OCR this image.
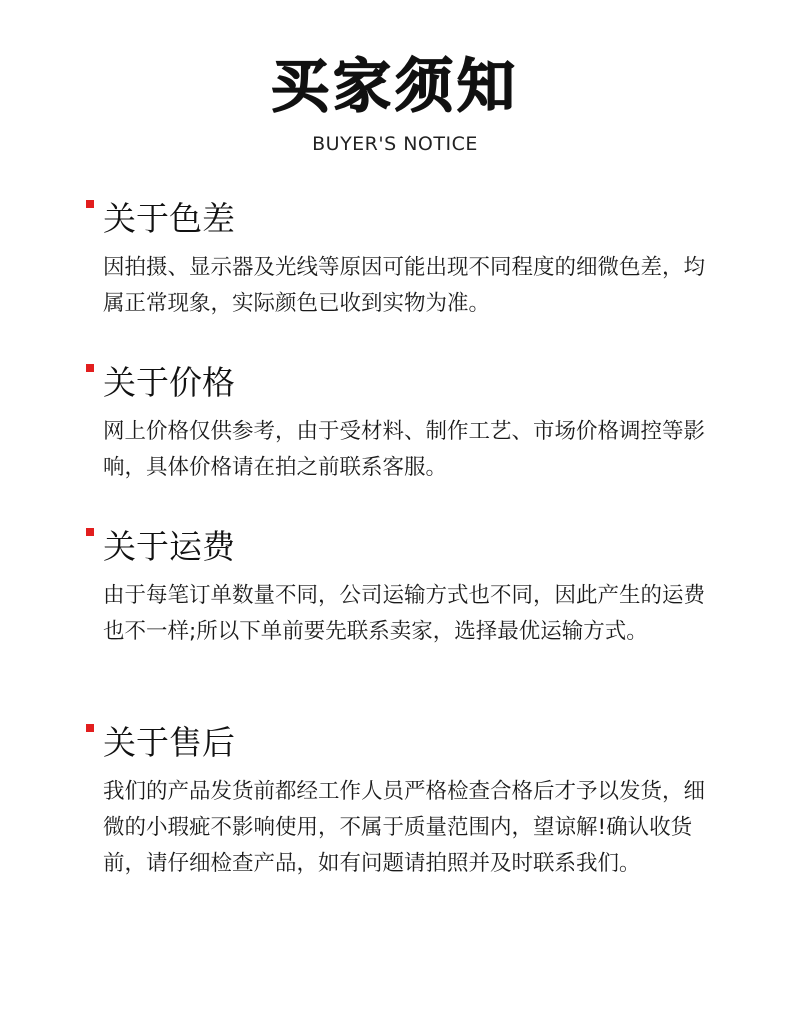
买家须知
BUYER'S NOTICE
关于色差

因拍摄、显示器及光线等原因可能出现不同程度的细微色差，均属正常现象，实际颜色已收到实物为准。

关于价格

网上价格仅供参考，由于受材料、制作工艺、市场价格调控等影响，具体价格请在拍之前联系客服。

关于运费

由于每笔订单数量不同，公司运输方式也不同，因此产生的运费也不一样;所以下单前要先联系卖家，选择最优运输方式。

关于售后

我们的产品发货前都经工作人员严格检查合格后才予以发货，细微的小瑕疵不影响使用，不属于质量范围内，望谅解!确认收货前，请仔细检查产品，如有问题请拍照并及时联系我们。
